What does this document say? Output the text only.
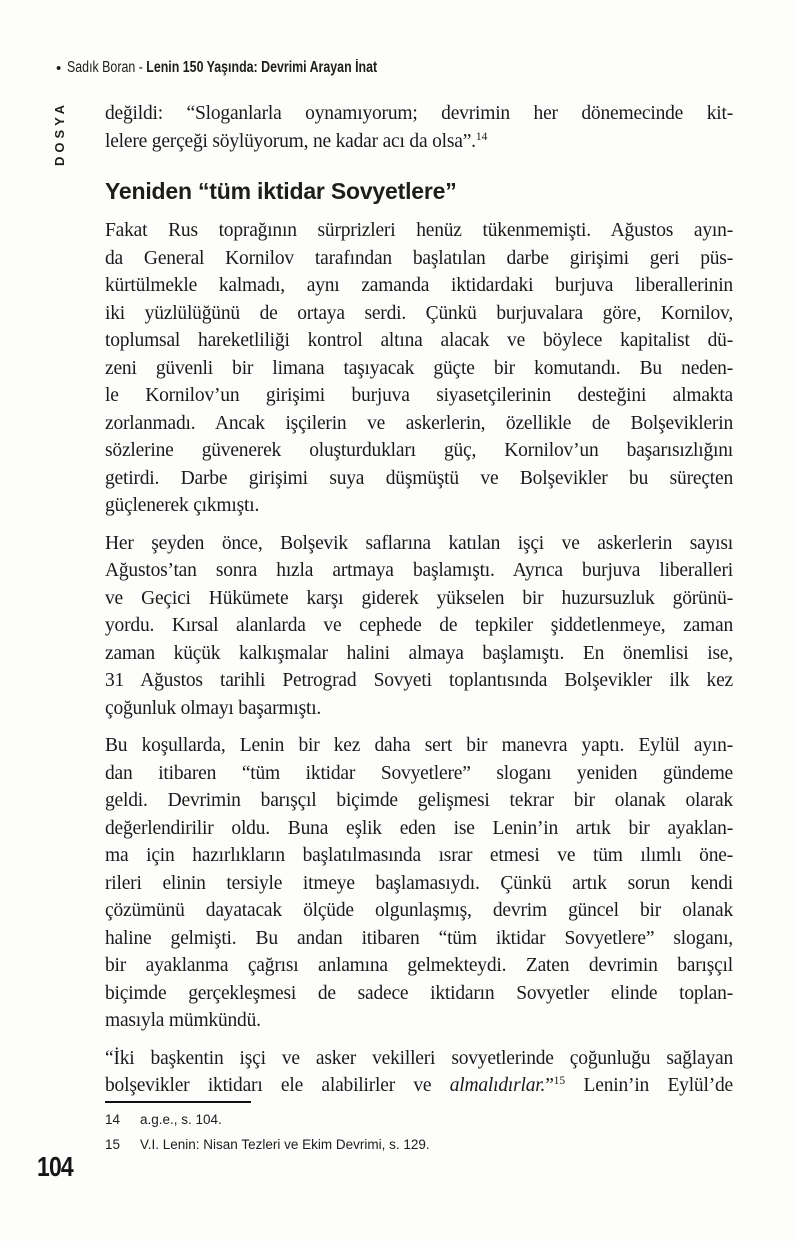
• Sadık Boran - Lenin 150 Yaşında: Devrimi Arayan İnat
DOSYA değildi: “Sloganlarla oynamıyorum; devrimin her dönemecinde kit-
lelere gerçeği söylüyorum, ne kadar acı da olsa”.$^{14}$
Yeniden “tüm iktidar Sovyetlere”
Fakat Rus toprağının sürprizleri henüz tükenmemişti. Ağustos ayın-
da General Kornilov tarafından başlatılan darbe girişimi geri püs-
kürtülmekle kalmadı, aynı zamanda iktidardaki burjuva liberallerinin
iki yüzlülüğünü de ortaya serdi. Çünkü burjuvalara göre, Kornilov,
toplumsal hareketliliği kontrol altına alacak ve böylece kapitalist dü-
zeni güvenli bir limana taşıyacak güçte bir komutandı. Bu neden-
le Kornilov’un girişimi burjuva siyasetçilerinin desteğini almakta
zorlanmadı. Ancak işçilerin ve askerlerin, özellikle de Bolşeviklerin
sözlerine güvenerek oluşturdukları güç, Kornilov’un başarısızlığını
getirdi. Darbe girişimi suya düşmüştü ve Bolşevikler bu süreçten
güçlenerek çıkmıştı.
Her şeyden önce, Bolşevik saflarına katılan işçi ve askerlerin sayısı
Ağustos’tan sonra hızla artmaya başlamıştı. Ayrıca burjuva liberalleri
ve Geçici Hükümete karşı giderek yükselen bir huzursuzluk görünü-
yordu. Kırsal alanlarda ve cephede de tepkiler şiddetlenmeye, zaman
zaman küçük kalkışmalar halini almaya başlamıştı. En önemlisi ise,
31 Ağustos tarihli Petrograd Sovyeti toplantısında Bolşevikler ilk kez
çoğunluk olmayı başarmıştı.
Bu koşullarda, Lenin bir kez daha sert bir manevra yaptı. Eylül ayın-
dan itibaren “tüm iktidar Sovyetlere” sloganı yeniden gündeme
geldi. Devrimin barışçıl biçimde gelişmesi tekrar bir olanak olarak
değerlendirilir oldu. Buna eşlik eden ise Lenin’in artık bir ayaklan-
ma için hazırlıkların başlatılmasında ısrar etmesi ve tüm ılımlı öne-
rileri elinin tersiyle itmeye başlamasıydı. Çünkü artık sorun kendi
çözümünü dayatacak ölçüde olgunlaşmış, devrim güncel bir olanak
haline gelmişti. Bu andan itibaren “tüm iktidar Sovyetlere” sloganı,
bir ayaklanma çağrısı anlamına gelmekteydi. Zaten devrimin barışçıl
biçimde gerçekleşmesi de sadece iktidarın Sovyetler elinde toplan-
masıyla mümkündü.
“İki başkentin işçi ve asker vekilleri sovyetlerinde çoğunluğu sağlayan
bolşevikler iktidarı ele alabilirler ve almalıdırlar.”$^{15}$ Lenin’in Eylül’de
14	a.g.e., s. 104.
15	V.I. Lenin: Nisan Tezleri ve Ekim Devrimi, s. 129.
104
